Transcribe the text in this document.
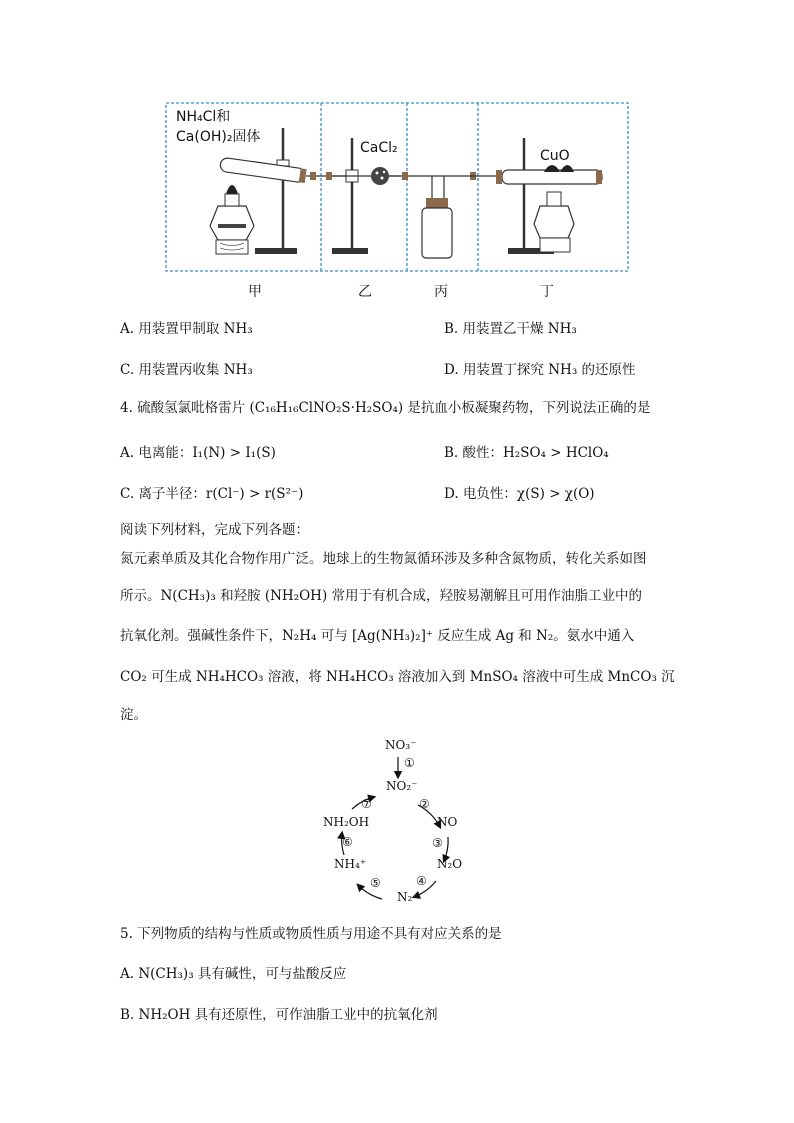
NH₄Cl和
Ca(OH)₂固体
CaCl₂	CuO
甲	乙	丙	丁
A. 用装置甲制取 NH₃	B. 用装置乙干燥 NH₃
C. 用装置丙收集 NH₃	D. 用装置丁探究 NH₃ 的还原性
4. 硫酸氢氯吡格雷片 (C₁₆H₁₆ClNO₂S·H₂SO₄) 是抗血小板凝聚药物，下列说法正确的是
A. 电离能：I₁(N) > I₁(S)	B. 酸性：H₂SO₄ > HClO₄
C. 离子半径：r(Cl⁻) > r(S²⁻)	D. 电负性：χ(S) > χ(O)
阅读下列材料，完成下列各题：
氮元素单质及其化合物作用广泛。地球上的生物氮循环涉及多种含氮物质，转化关系如图
所示。N(CH₃)₃ 和羟胺 (NH₂OH) 常用于有机合成，羟胺易潮解且可用作油脂工业中的
抗氧化剂。强碱性条件下，N₂H₄ 可与 [Ag(NH₃)₂]⁺ 反应生成 Ag 和 N₂。氨水中通入
CO₂ 可生成 NH₄HCO₃ 溶液，将 NH₄HCO₃ 溶液加入到 MnSO₄ 溶液中可生成 MnCO₃ 沉
淀。
NO₃⁻
①
NO₂⁻
②
NO
③
N₂O
④
N₂
⑤
NH₄⁺
⑥
NH₂OH
⑦
5. 下列物质的结构与性质或物质性质与用途不具有对应关系的是
A. N(CH₃)₃ 具有碱性，可与盐酸反应
B. NH₂OH 具有还原性，可作油脂工业中的抗氧化剂
